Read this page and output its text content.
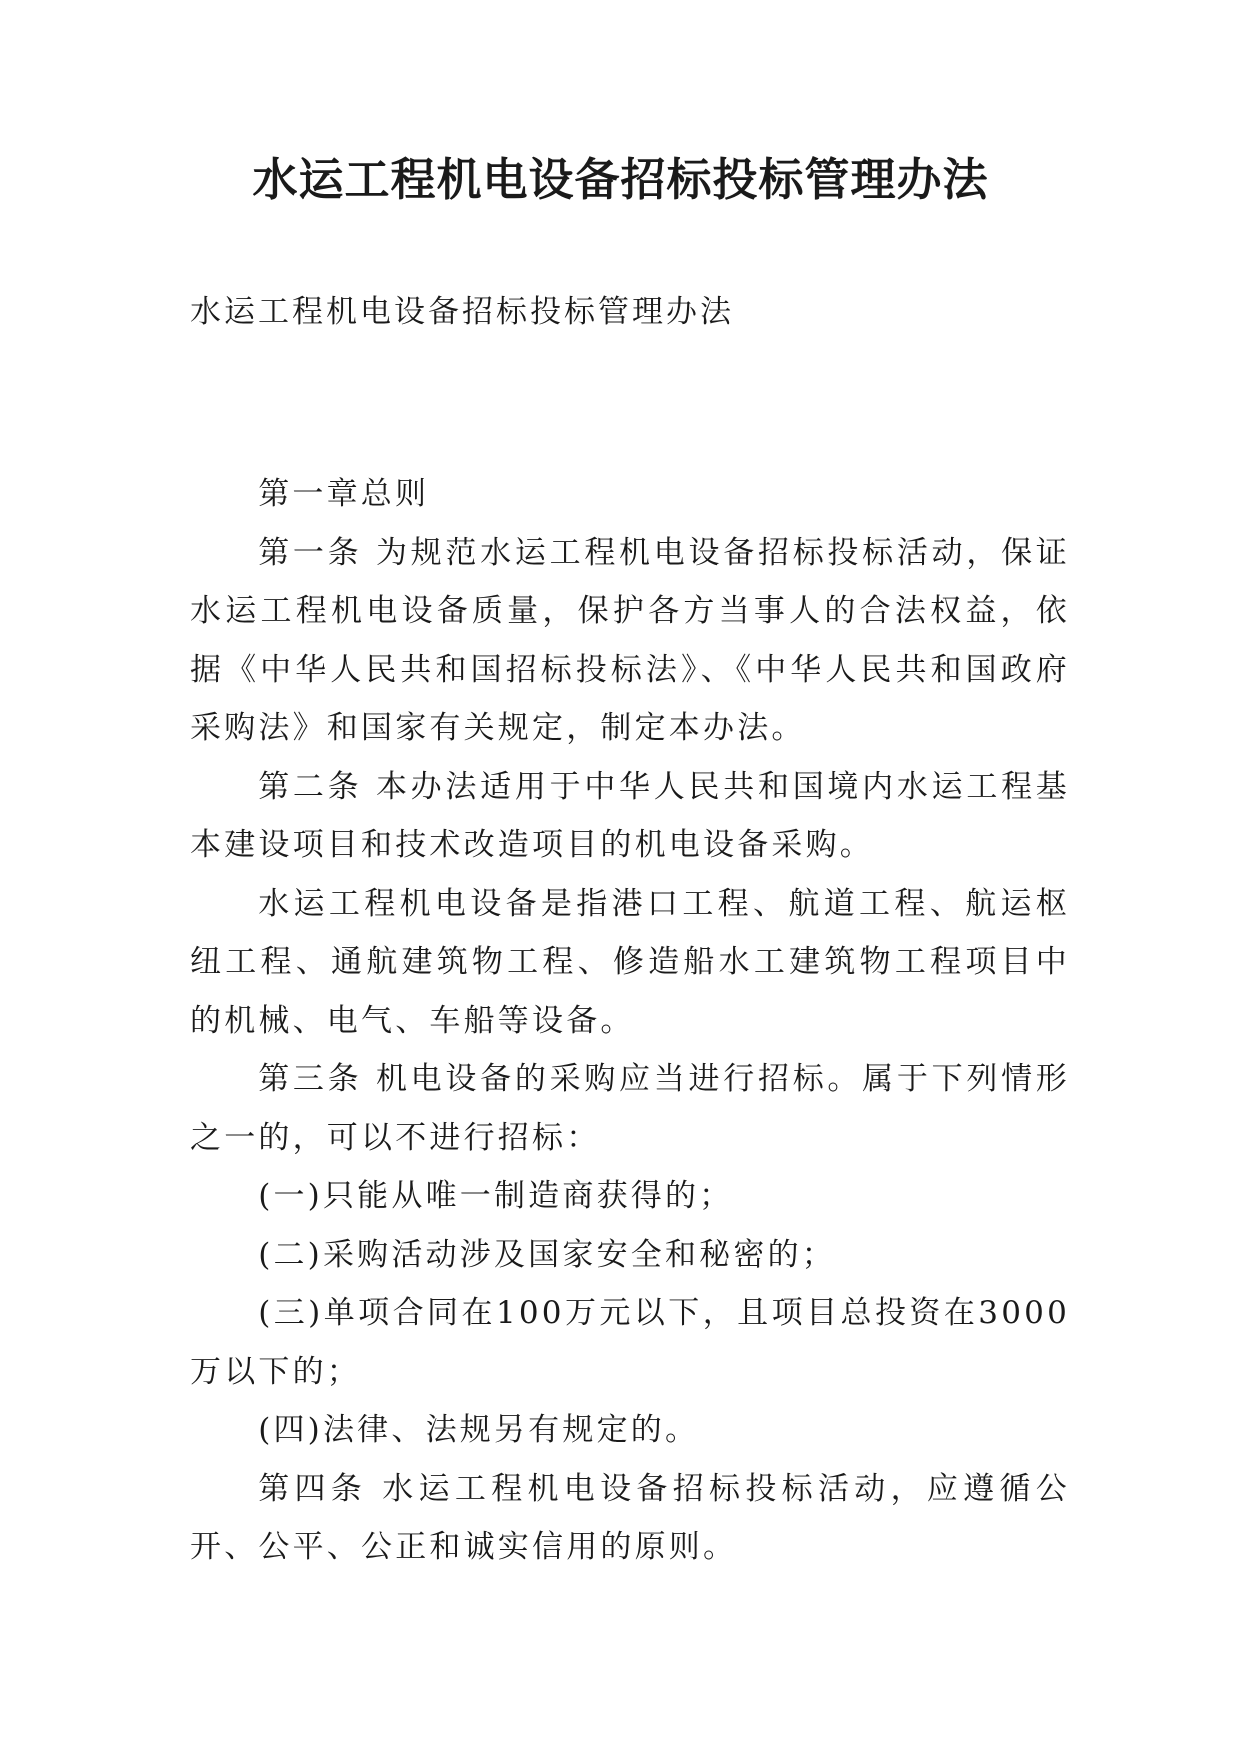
水运工程机电设备招标投标管理办法
水运工程机电设备招标投标管理办法

第一章总则

第一条 为规范水运工程机电设备招标投标活动，保证水运工程机电设备质量，保护各方当事人的合法权益，依据《中华人民共和国招标投标法》、《中华人民共和国政府采购法》和国家有关规定，制定本办法。

第二条 本办法适用于中华人民共和国境内水运工程基本建设项目和技术改造项目的机电设备采购。

水运工程机电设备是指港口工程、航道工程、航运枢纽工程、通航建筑物工程、修造船水工建筑物工程项目中的机械、电气、车船等设备。

第三条 机电设备的采购应当进行招标。属于下列情形之一的，可以不进行招标：

(一)只能从唯一制造商获得的；

(二)采购活动涉及国家安全和秘密的；

(三)单项合同在100万元以下，且项目总投资在3000万以下的；

(四)法律、法规另有规定的。

第四条 水运工程机电设备招标投标活动，应遵循公开、公平、公正和诚实信用的原则。
